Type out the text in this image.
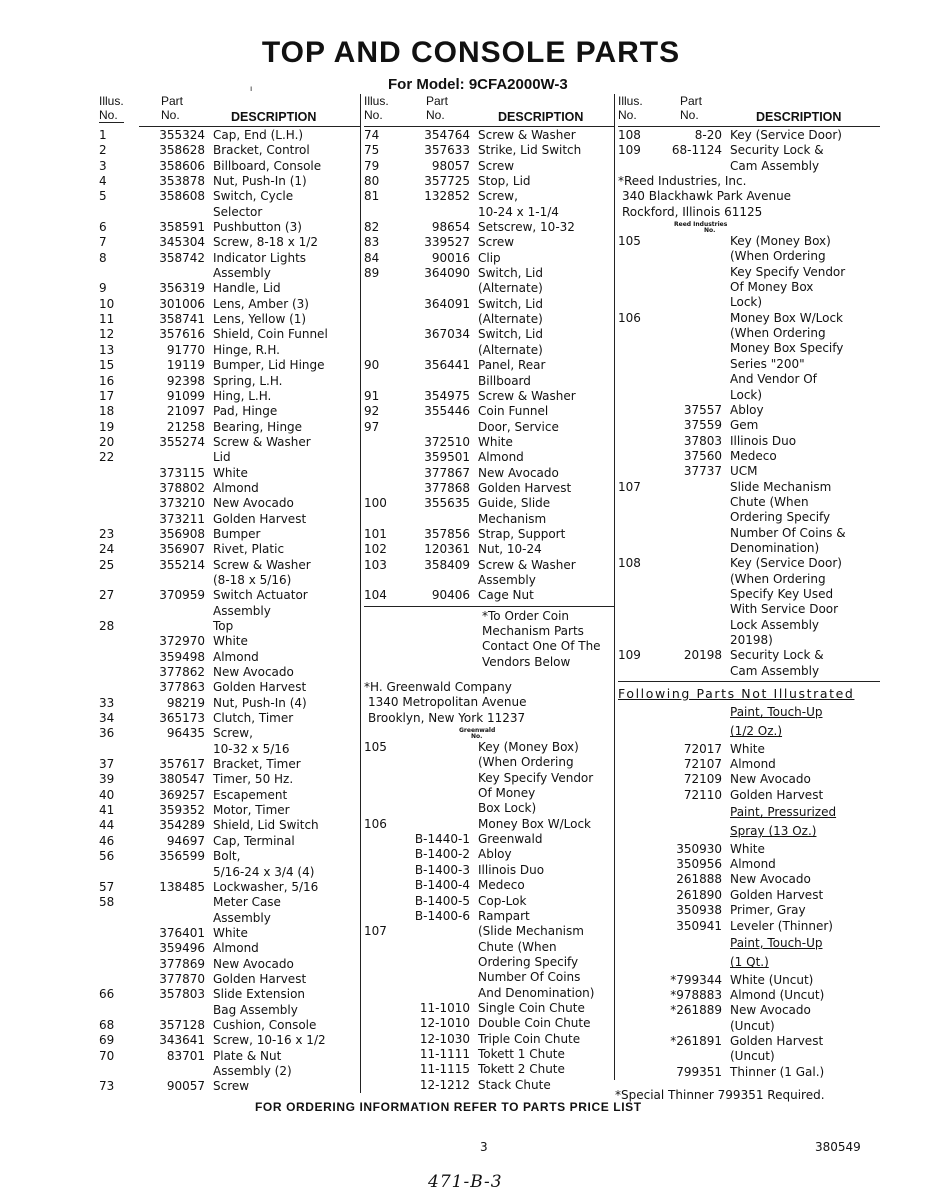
TOP AND CONSOLE PARTS
ı	For Model: 9CFA2000W-3
Illus.
No.
Part
No.	DESCRIPTION
1	355324 Cap, End (L.H.)
2	358628 Bracket, Control
3	358606 Billboard, Console
4	353878 Nut, Push-In (1)
5	358608 Switch, Cycle
Selector
6	358591 Pushbutton (3)
7	345304 Screw, 8-18 x 1/2
8	358742 Indicator Lights
Assembly
9	356319 Handle, Lid
10	301006 Lens, Amber (3)
11	358741 Lens, Yellow (1)
12	357616 Shield, Coin Funnel
13	91770 Hinge, R.H.
15	19119 Bumper, Lid Hinge
16	92398 Spring, L.H.
17	91099 Hing, L.H.
18	21097 Pad, Hinge
19	21258 Bearing, Hinge
20	355274 Screw & Washer
22	Lid
373115 White
378802 Almond
373210 New Avocado
373211 Golden Harvest
23	356908 Bumper
24	356907 Rivet, Platic
25	355214 Screw & Washer
(8-18 x 5/16)
27	370959 Switch Actuator
Assembly
28	Top
372970 White
359498 Almond
377862 New Avocado
377863 Golden Harvest
33	98219 Nut, Push-In (4)
34	365173 Clutch, Timer
36	96435 Screw,
10-32 x 5/16
37	357617 Bracket, Timer
39	380547 Timer, 50 Hz.
40	369257 Escapement
41	359352 Motor, Timer
44	354289 Shield, Lid Switch
46	94697 Cap, Terminal
56	356599 Bolt,
5/16-24 x 3/4 (4)
57	138485 Lockwasher, 5/16
58	Meter Case
Assembly
376401 White
359496 Almond
377869 New Avocado
377870 Golden Harvest
66	357803 Slide Extension
Bag Assembly
68	357128 Cushion, Console
69	343641 Screw, 10-16 x 1/2
70	83701 Plate & Nut
Assembly (2)
73	90057 Screw
Illus.
No.
Part
No.	DESCRIPTION
74	354764 Screw & Washer
75	357633 Strike, Lid Switch
79	98057 Screw
80	357725 Stop, Lid
81	132852 Screw,
10-24 x 1-1/4
82	98654 Setscrew, 10-32
83	339527 Screw
84	90016 Clip
89	364090 Switch, Lid
(Alternate)
364091 Switch, Lid
(Alternate)
367034 Switch, Lid
(Alternate)
90	356441 Panel, Rear
Billboard
91	354975 Screw & Washer
92	355446 Coin Funnel
97	Door, Service
372510 White
359501 Almond
377867 New Avocado
377868 Golden Harvest
100	355635 Guide, Slide
Mechanism
101	357856 Strap, Support
102	120361 Nut, 10-24
103	358409 Screw & Washer
Assembly
104	90406 Cage Nut
*To Order Coin
Mechanism Parts
Contact One Of The
Vendors Below
*H. Greenwald Company
1340 Metropolitan Avenue
Brooklyn, New York 11237
Greenwald
No.
105	Key (Money Box)
(When Ordering
Key Specify Vendor
Of Money
Box Lock)
106	Money Box W/Lock
B-1440-1 Greenwald
B-1400-2 Abloy
B-1400-3 Illinois Duo
B-1400-4 Medeco
B-1400-5 Cop-Lok
B-1400-6 Rampart
107	(Slide Mechanism
Chute (When
Ordering Specify
Number Of Coins
And Denomination)
11-1010 Single Coin Chute
12-1010 Double Coin Chute
12-1030 Triple Coin Chute
11-1111 Tokett 1 Chute
11-1115 Tokett 2 Chute
12-1212 Stack Chute
Illus.
No.
Part
No.	DESCRIPTION
108	8-20 Key (Service Door)
109	68-1124 Security Lock &
Cam Assembly
*Reed Industries, Inc.
340 Blackhawk Park Avenue
Rockford, Illinois 61125
Reed Industries
No.
105	Key (Money Box)
(When Ordering
Key Specify Vendor
Of Money Box
Lock)
106	Money Box W/Lock
(When Ordering
Money Box Specify
Series "200"
And Vendor Of
Lock)
37557 Abloy
37559 Gem
37803 Illinois Duo
37560 Medeco
37737 UCM
107	Slide Mechanism
Chute (When
Ordering Specify
Number Of Coins &
Denomination)
108	Key (Service Door)
(When Ordering
Specify Key Used
With Service Door
Lock Assembly
20198)
109	20198 Security Lock &
Cam Assembly
Following Parts Not Illustrated
Paint, Touch-Up
(1/2 Oz.)
72017 White
72107 Almond
72109 New Avocado
72110 Golden Harvest
Paint, Pressurized
Spray (13 Oz.)
350930 White
350956 Almond
261888 New Avocado
261890 Golden Harvest
350938 Primer, Gray
350941 Leveler (Thinner)
Paint, Touch-Up
(1 Qt.)
*799344 White (Uncut)
*978883 Almond (Uncut)
*261889 New Avocado
(Uncut)
*261891 Golden Harvest
(Uncut)
799351 Thinner (1 Gal.)
*Special Thinner 799351 Required.
FOR ORDERING INFORMATION REFER TO PARTS PRICE LIST
3	380549
471-B-3
